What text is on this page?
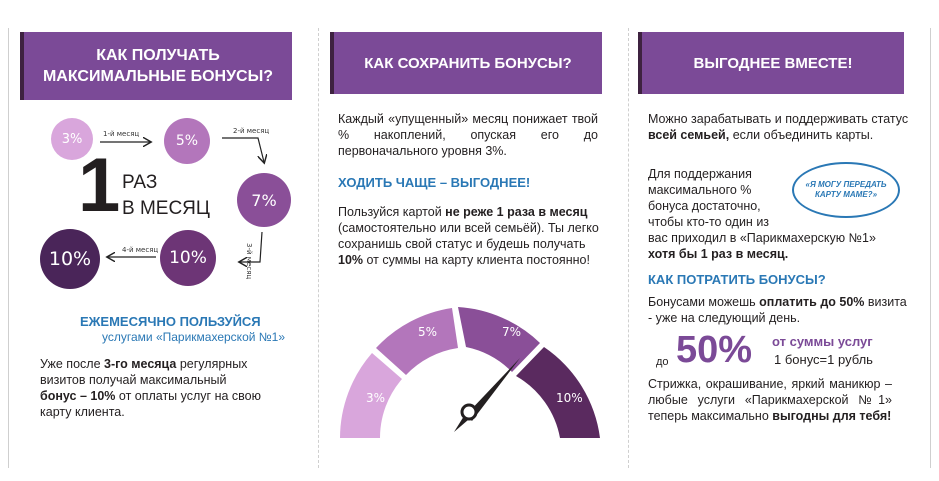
КАК ПОЛУЧАТЬ
МАКСИМАЛЬНЫЕ БОНУСЫ?
3%	5%
7%
10%
10%
1-й месяц	2-й месяц
3-й месяц
4-й месяц
1 РАЗ
В МЕСЯЦ
ЕЖЕМЕСЯЧНО ПОЛЬЗУЙСЯ
услугами «Парикмахерской №1»
Уже после 3-го месяца регулярных визитов получай максимальный бонус – 10% от оплаты услуг на свою карту клиента.
КАК СОХРАНИТЬ БОНУСЫ?
Каждый «упущенный» месяц понижает твой % накоплений, опуская его до первоначального уровня 3%.
ХОДИТЬ ЧАЩЕ – ВЫГОДНЕЕ!
Пользуйся картой не реже 1 раза в месяц (самостоятельно или всей семьёй). Ты легко сохранишь свой статус и будешь получать 10% от суммы на карту клиента постоянно!
3%
5%	7%
10%
ВЫГОДНЕЕ ВМЕСТЕ!
Можно зарабатывать и поддерживать статус всей семьей, если объединить карты.
Для поддержания
максимального %
бонуса достаточно,
чтобы кто-то один из
вас приходил в «Парикмахерскую №1»
хотя бы 1 раз в месяц.
«Я МОГУ ПЕРЕДАТЬ КАРТУ МАМЕ?»
КАК ПОТРАТИТЬ БОНУСЫ?
Бонусами можешь оплатить до 50% визита - уже на следующий день.
до 50% от суммы услуг
1 бонус=1 рубль
Стрижка, окрашивание, яркий маникюр – любые услуги «Парикмахерской №1» теперь максимально выгодны для тебя!
